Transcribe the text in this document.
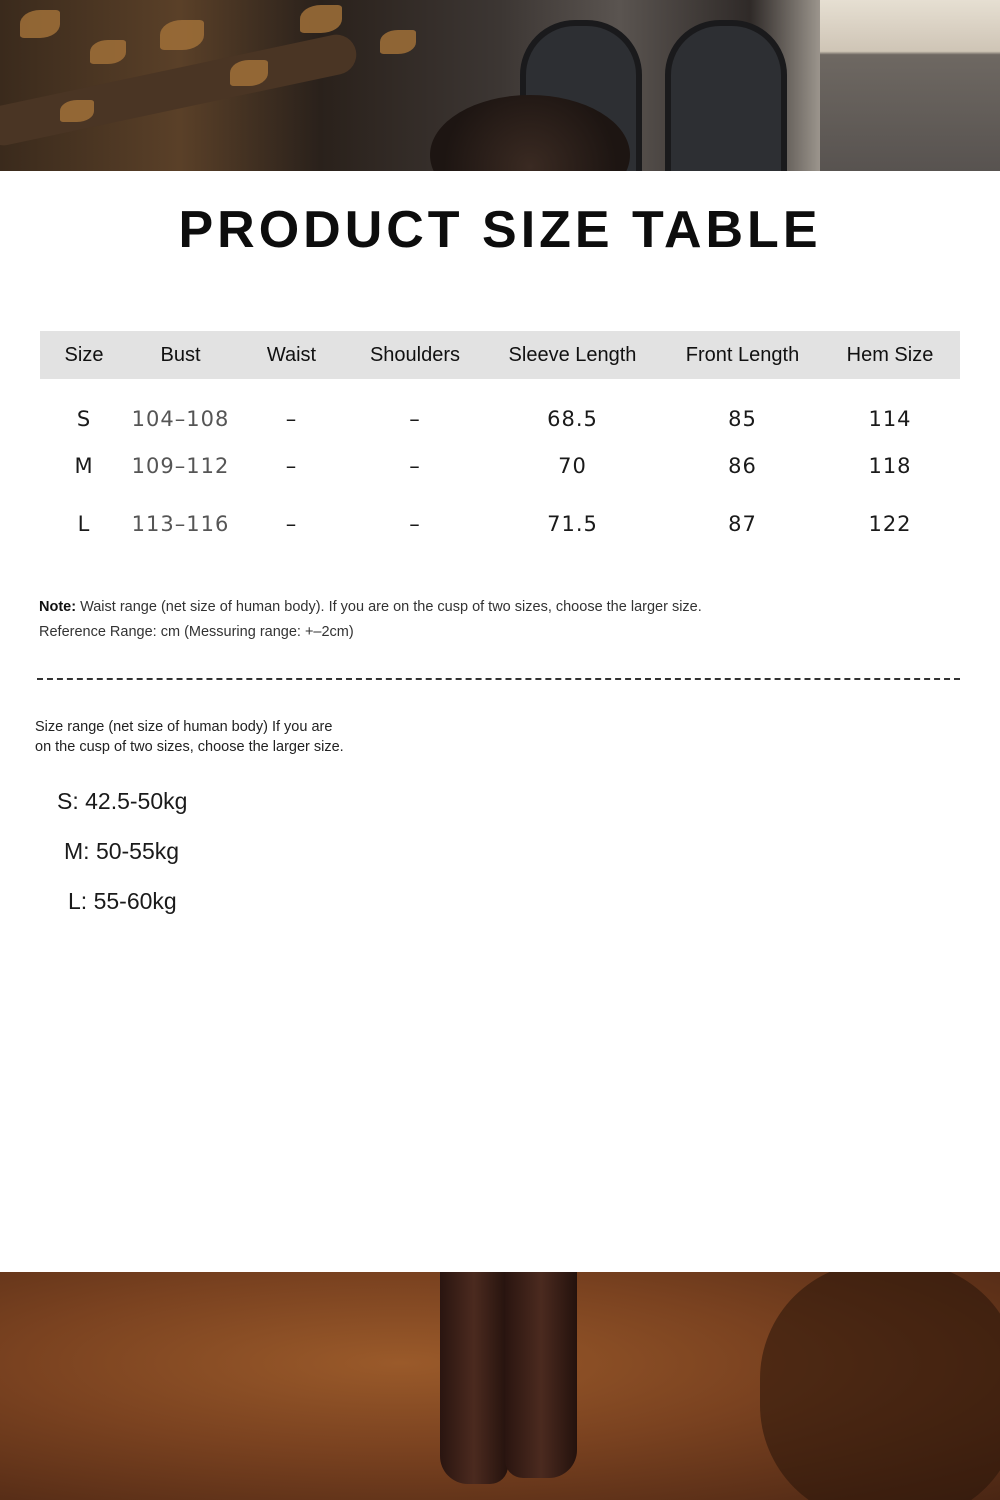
PRODUCT SIZE TABLE
Size	Bust	Waist	Shoulders	Sleeve Length	Front Length	Hem Size
S	104–108	–	–	68.5	85	114
M	109–112	–	–	70	86	118
L	113–116	–	–	71.5	87	122
Note: Waist range (net size of human body). If you are on the cusp of two sizes, choose the larger size.
Reference Range: cm (Messuring range: +–2cm)
Size range (net size of human body) If you are
on the cusp of two sizes, choose the larger size.
S: 42.5-50kg
M: 50-55kg
L: 55-60kg
